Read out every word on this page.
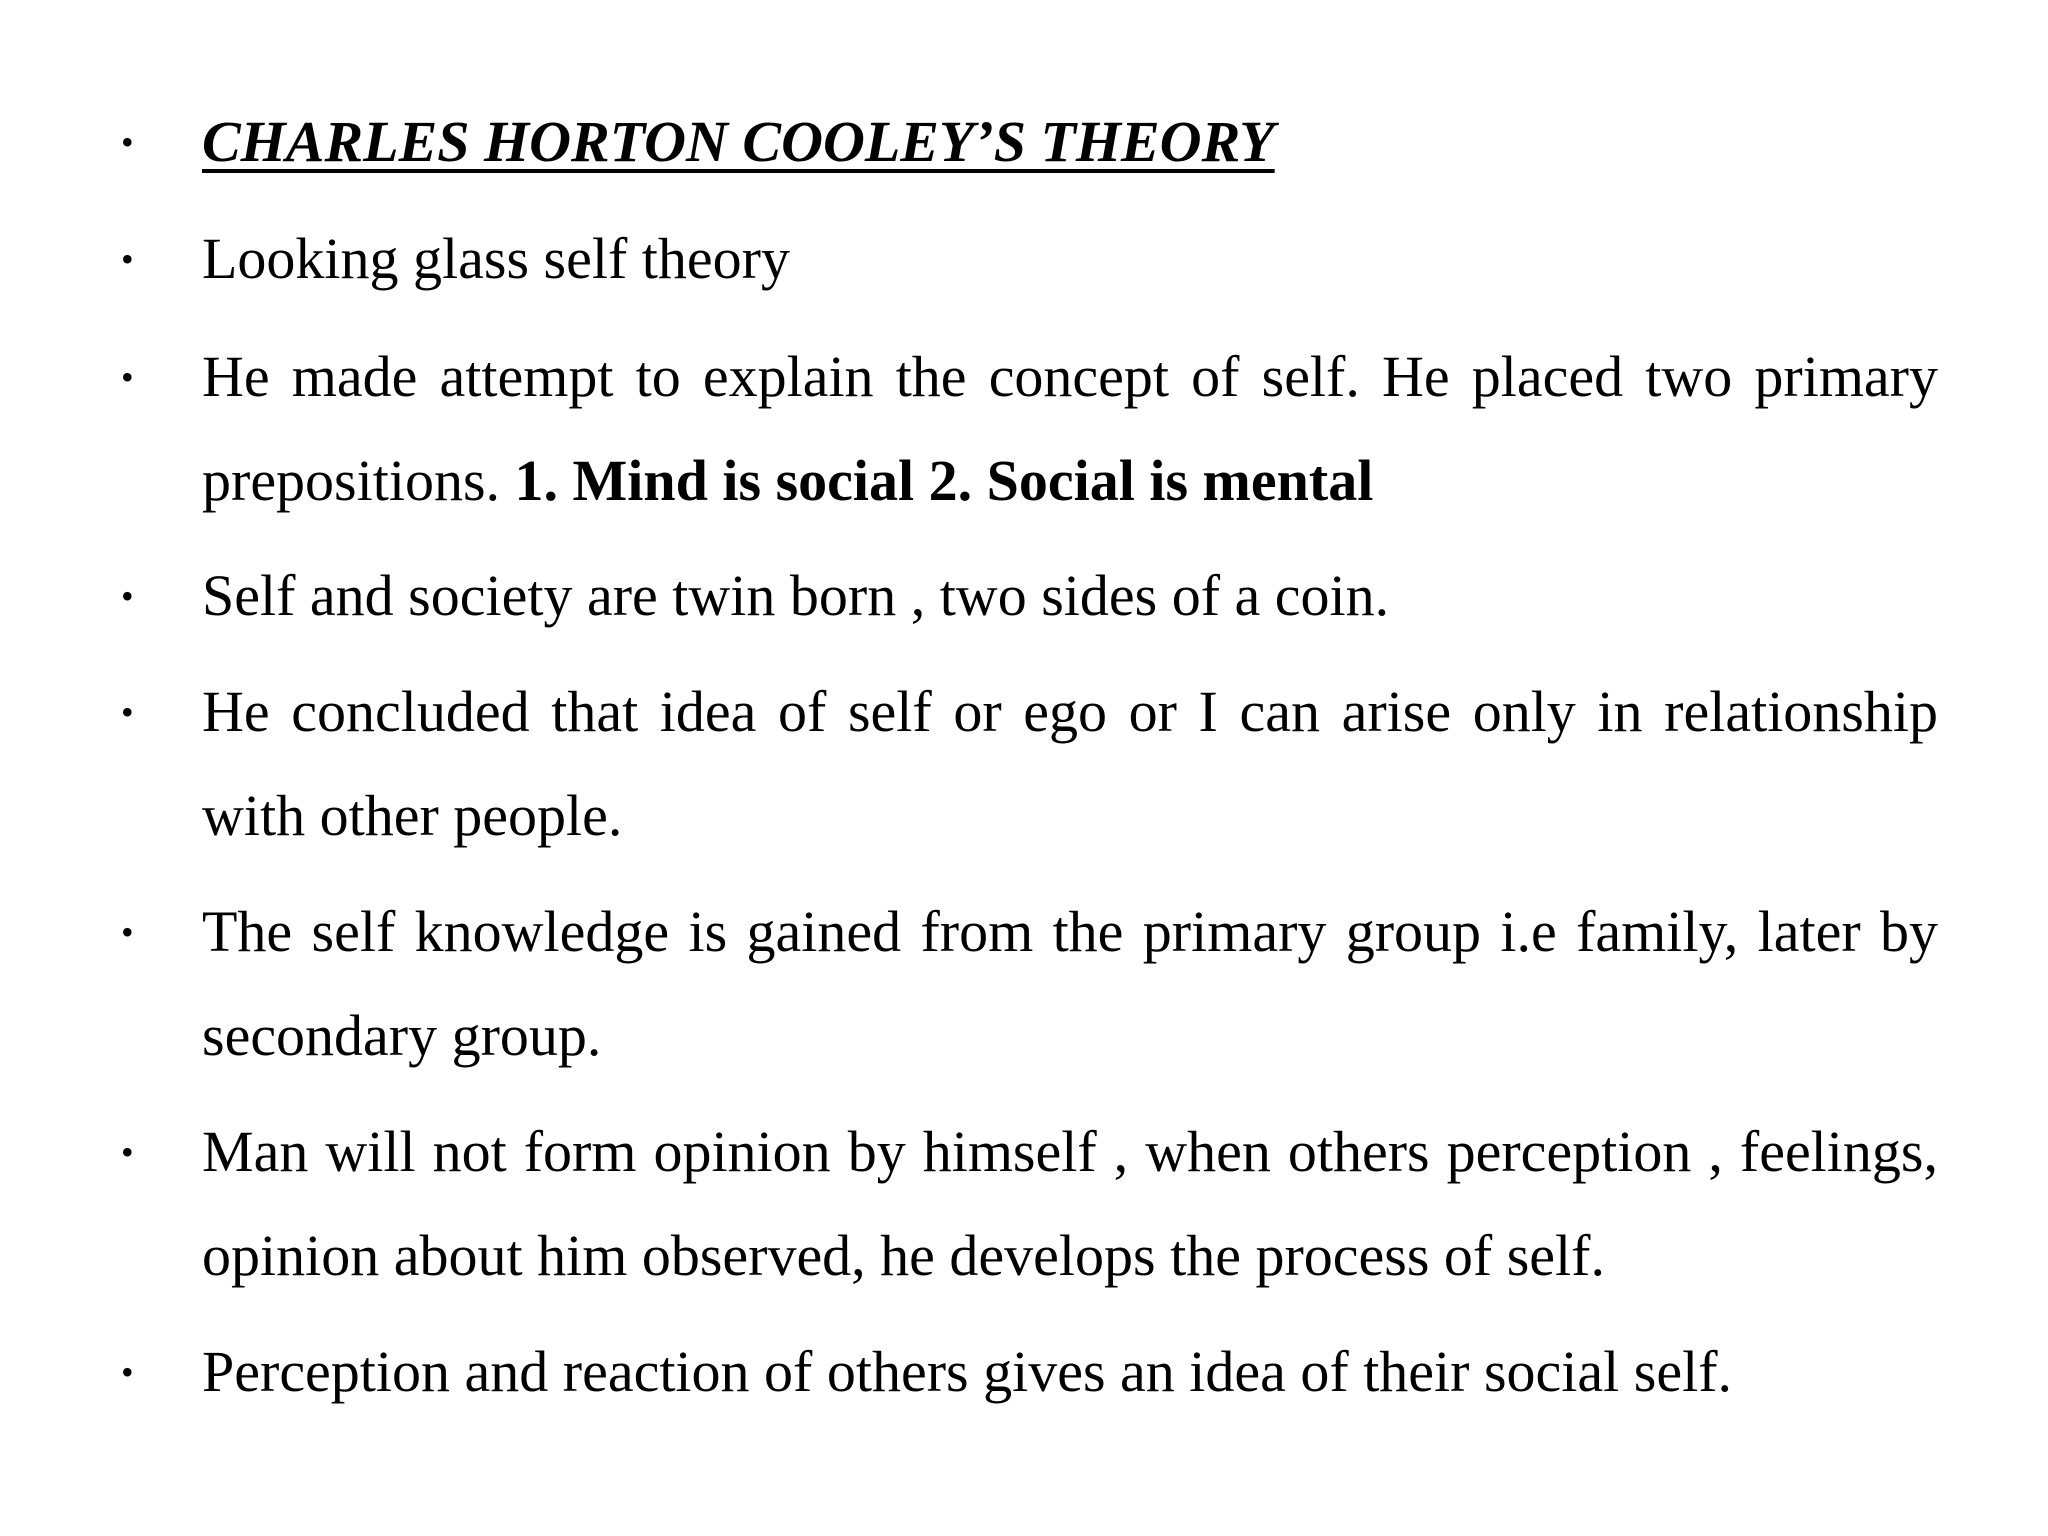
• CHARLES HORTON COOLEY’S THEORY
• Looking glass self theory
• He made attempt to explain the concept of self. He placed two primary prepositions. 1. Mind is social 2. Social is mental
• Self and society are twin born , two sides of a coin.
• He concluded that idea of self or ego or I can arise only in relationship with other people.
• The self knowledge is gained from the primary group i.e family, later by secondary group.
• Man will not form opinion by himself , when others perception , feelings, opinion about him observed, he develops the process of self.
• Perception and reaction of others gives an idea of their social self.
